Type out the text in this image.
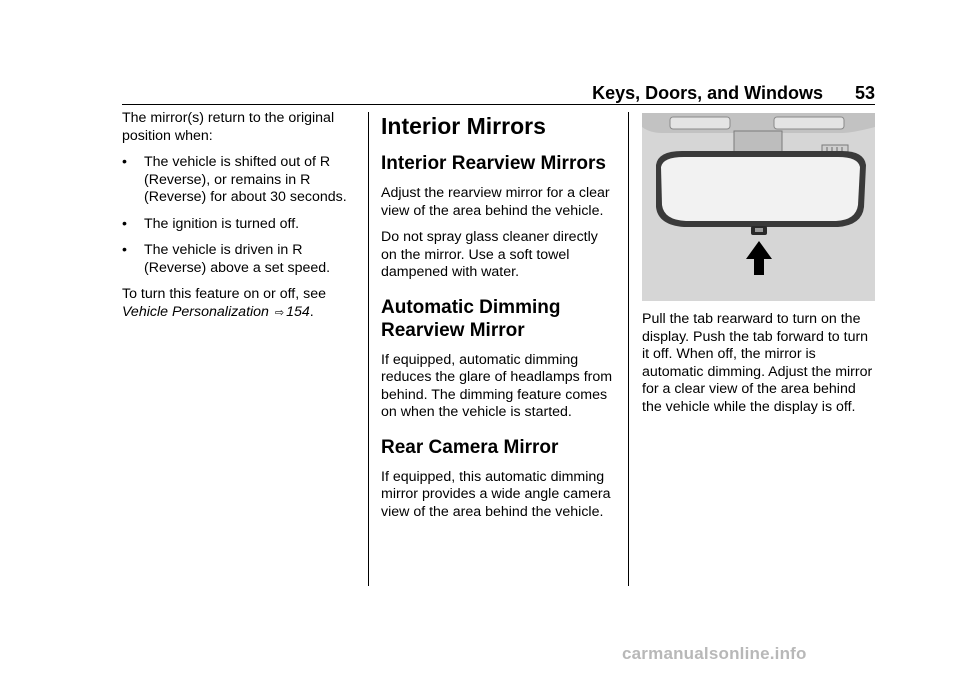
Keys, Doors, and Windows 53

The mirror(s) return to the original position when:

•	The vehicle is shifted out of R (Reverse), or remains in R (Reverse) for about 30 seconds.
•	The ignition is turned off.
•	The vehicle is driven in R (Reverse) above a set speed.

To turn this feature on or off, see
Vehicle Personalization ⇨ 154.

Interior Mirrors
Interior Rearview Mirrors

Adjust the rearview mirror for a clear view of the area behind the vehicle.

Do not spray glass cleaner directly on the mirror. Use a soft towel dampened with water.

Automatic Dimming Rearview Mirror

If equipped, automatic dimming reduces the glare of headlamps from behind. The dimming feature comes on when the vehicle is started.

Rear Camera Mirror

If equipped, this automatic dimming mirror provides a wide angle camera view of the area behind the vehicle.

Pull the tab rearward to turn on the display. Push the tab forward to turn it off. When off, the mirror is automatic dimming. Adjust the mirror for a clear view of the area behind the vehicle while the display is off.

carmanualsonline.info
